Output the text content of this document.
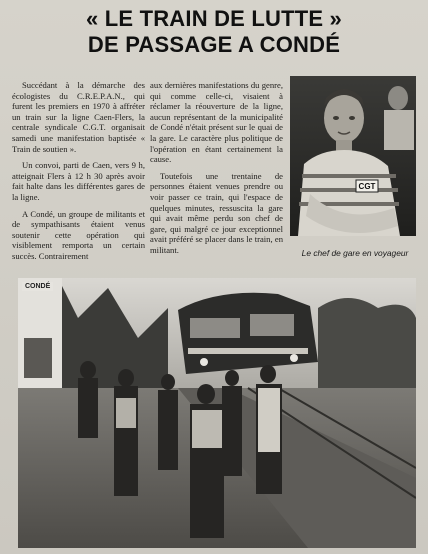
« LE TRAIN DE LUTTE »
DE PASSAGE A CONDÉ

Succédant à la démarche des écologistes du C.R.E.P.A.N., qui furent les premiers en 1970 à affréter un train sur la ligne Caen-Flers, la centrale syndicale C.G.T. organisait samedi une manifestation baptisée « Train de soutien ».

Un convoi, parti de Caen, vers 9 h, atteignait Flers à 12 h 30 après avoir fait halte dans les différentes gares de la ligne.

A Condé, un groupe de militants et de sympathisants étaient venus soutenir cette opération qui visiblement remporta un certain succès. Contrairement

aux dernières manifestations du genre, qui comme celle-ci, visaient à réclamer la réouverture de la ligne, aucun représentant de la municipalité de Condé n'était présent sur le quai de la gare. Le caractère plus politique de l'opération en étant certainement la cause.

Toutefois une trentaine de personnes étaient venues prendre ou voir passer ce train, qui l'espace de quelques minutes, ressuscita la gare qui avait même perdu son chef de gare, qui malgré ce jour exceptionnel avait préféré se placer dans le train, en militant.

CGT
Le chef de gare en voyageur
CONDÉ
